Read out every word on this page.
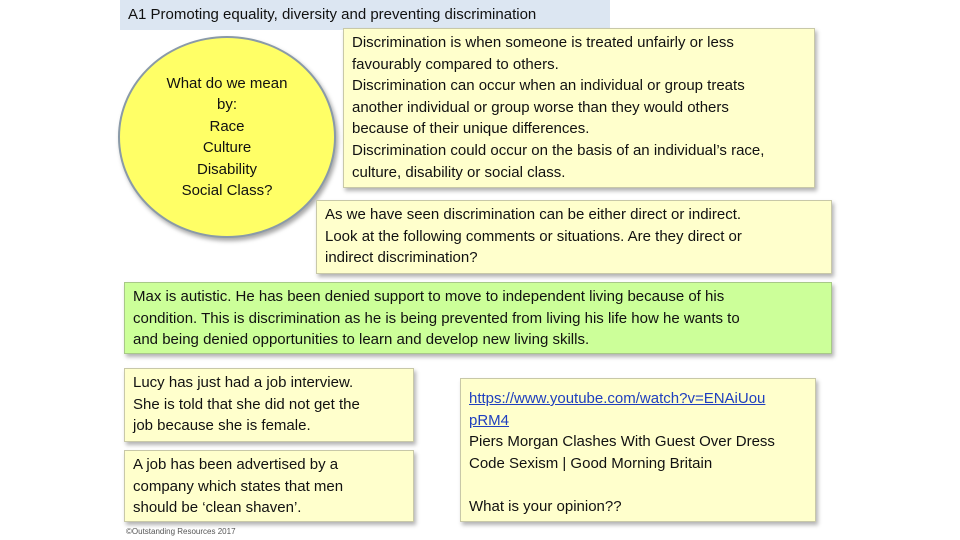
A1 Promoting equality, diversity and preventing discrimination
What do we mean
by:
Race
Culture
Disability
Social Class?
Discrimination is when someone is treated unfairly or less
favourably compared to others.
Discrimination can occur when an individual or group treats
another individual or group worse than they would others
because of their unique differences.
Discrimination could occur on the basis of an individual’s race,
culture, disability or social class.
As we have seen discrimination can be either direct or indirect.
Look at the following comments or situations. Are they direct or
indirect discrimination?
Max is autistic. He has been denied support to move to independent living because of his
condition. This is discrimination as he is being prevented from living his life how he wants to
and being denied opportunities to learn and develop new living skills.
Lucy has just had a job interview.
She is told that she did not get the
job because she is female.
A job has been advertised by a
company which states that men
should be ‘clean shaven’.
https://www.youtube.com/watch?v=ENAiUou
pRM4
Piers Morgan Clashes With Guest Over Dress
Code Sexism | Good Morning Britain
What is your opinion??
©Outstanding Resources 2017
